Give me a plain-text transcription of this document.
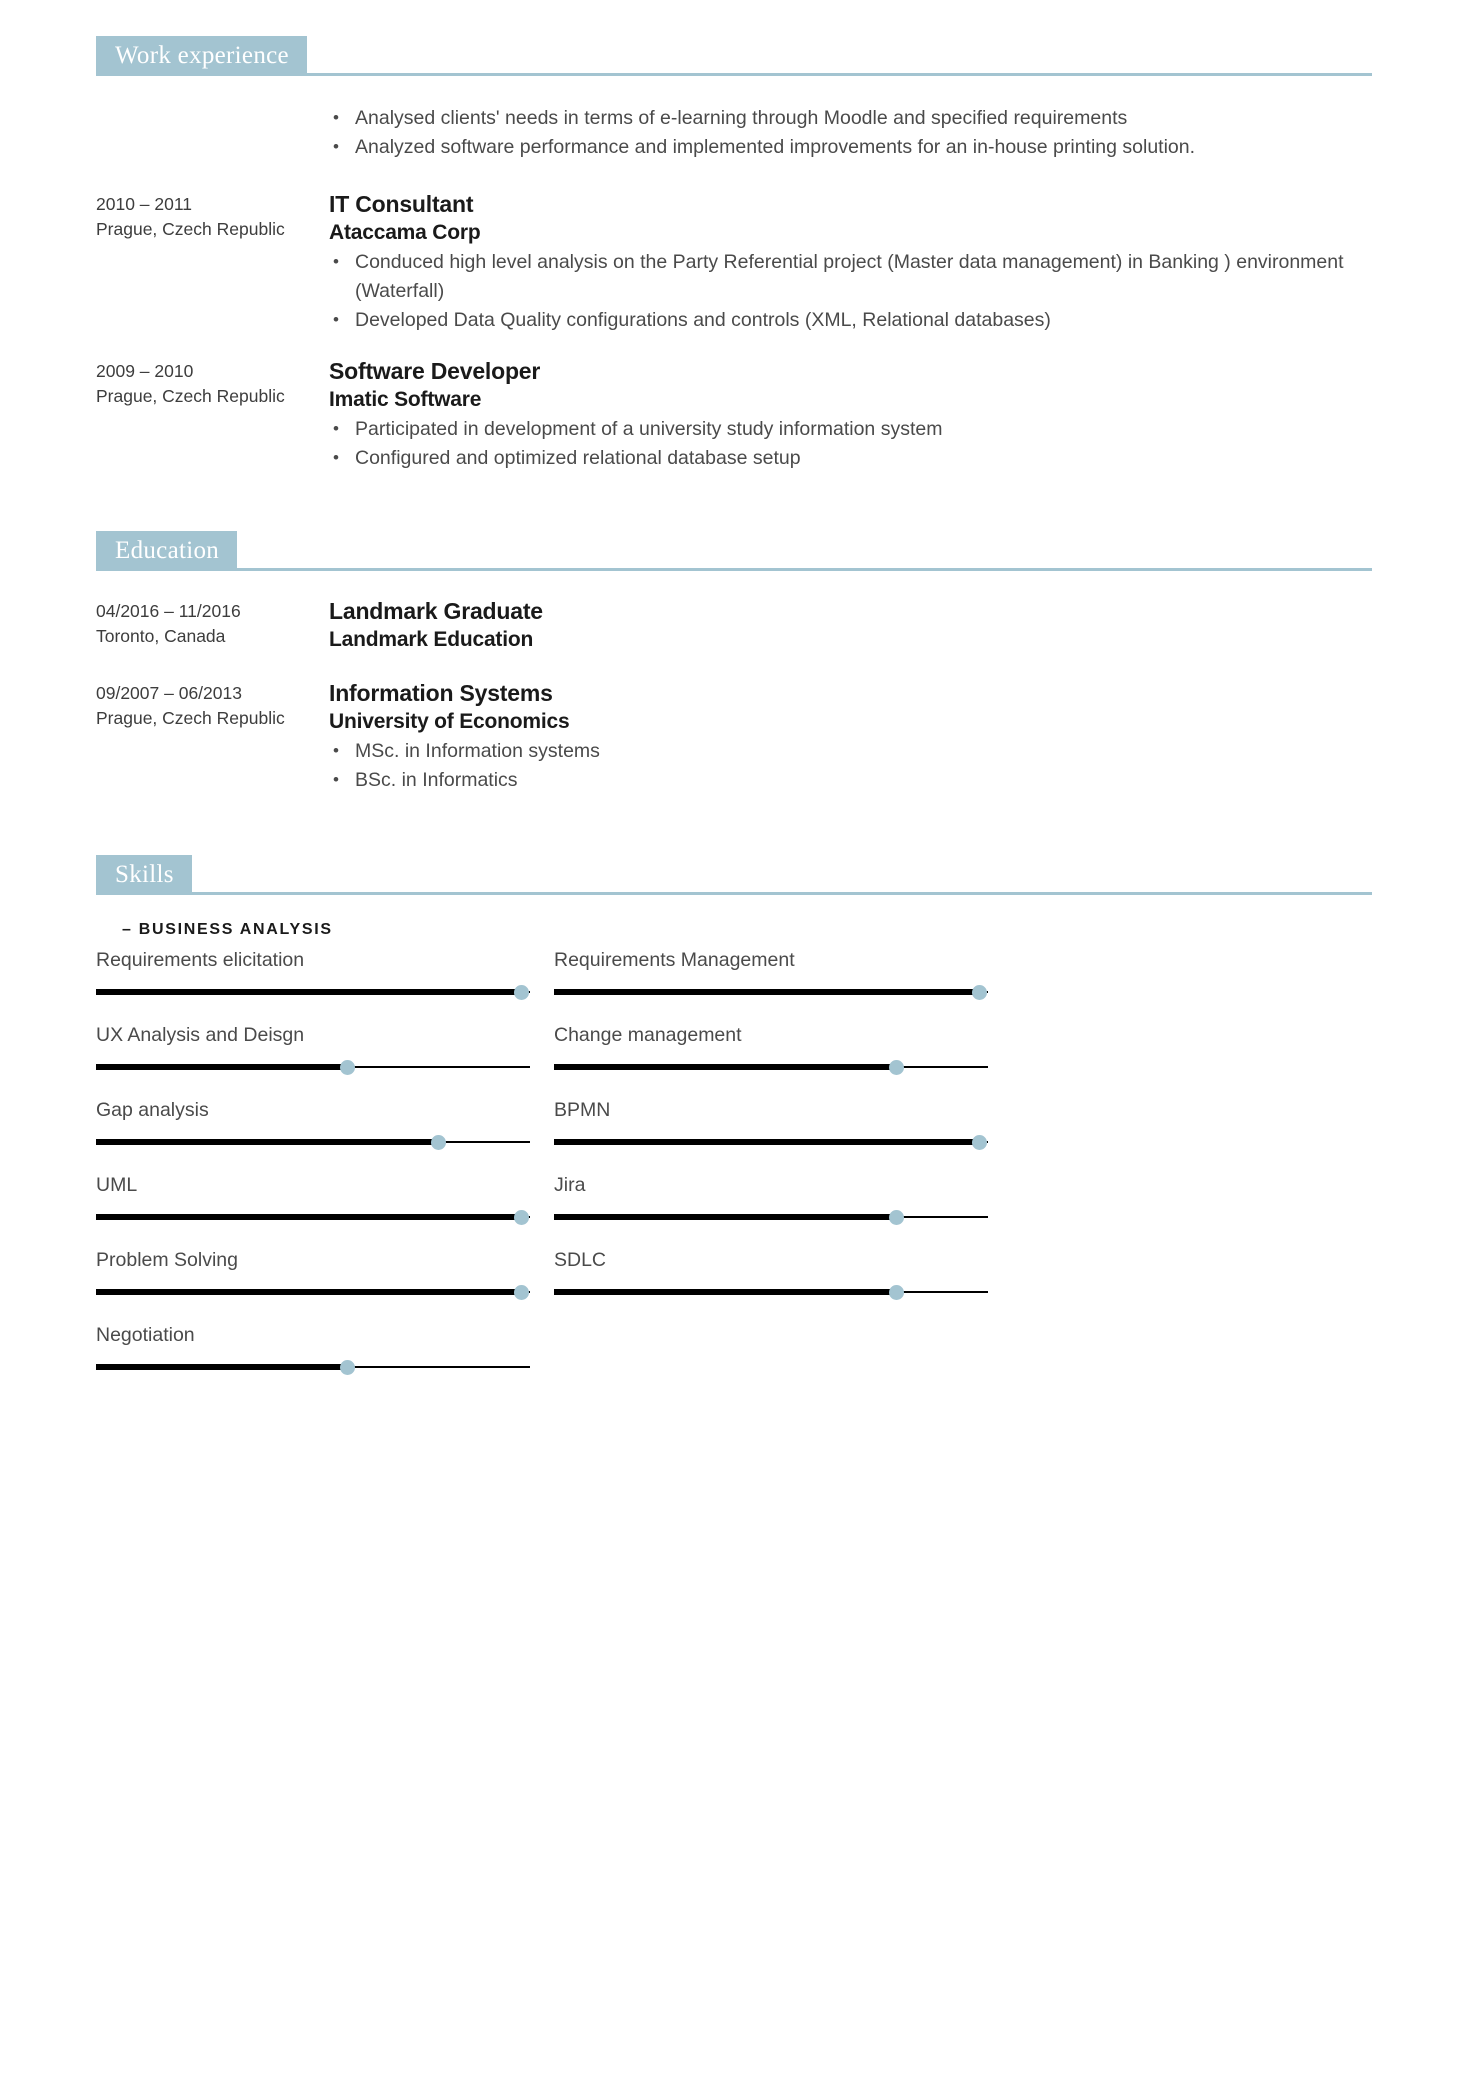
Work experience
• Analysed clients' needs in terms of e-learning through Moodle and specified requirements
• Analyzed software performance and implemented improvements for an in-house printing solution.
2010 – 2011
Prague, Czech Republic
IT Consultant
Ataccama Corp
• Conduced high level analysis on the Party Referential project (Master data management) in Banking ) environment (Waterfall)
• Developed Data Quality configurations and controls (XML, Relational databases)
2009 – 2010
Prague, Czech Republic
Software Developer
Imatic Software
• Participated in development of a university study information system
• Configured and optimized relational database setup
Education
04/2016 – 11/2016
Toronto, Canada
Landmark Graduate
Landmark Education
09/2007 – 06/2013
Prague, Czech Republic
Information Systems
University of Economics
• MSc. in Information systems
• BSc. in Informatics
Skills
– BUSINESS ANALYSIS
Requirements elicitation
UX Analysis and Deisgn
Gap analysis
UML
Problem Solving
Negotiation
Requirements Management
Change management
BPMN
Jira
SDLC
